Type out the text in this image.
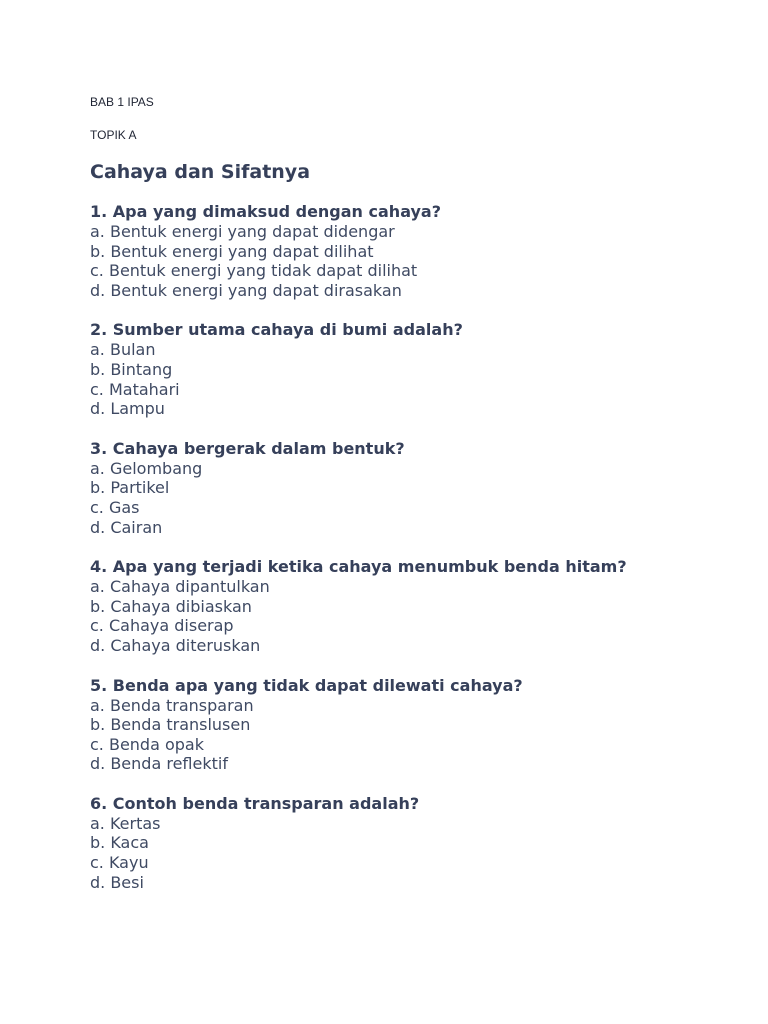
BAB 1 IPAS

TOPIK A

Cahaya dan Sifatnya

1. Apa yang dimaksud dengan cahaya?

a. Bentuk energi yang dapat didengar
b. Bentuk energi yang dapat dilihat
c. Bentuk energi yang tidak dapat dilihat
d. Bentuk energi yang dapat dirasakan

2. Sumber utama cahaya di bumi adalah?

a. Bulan
b. Bintang
c. Matahari
d. Lampu

3. Cahaya bergerak dalam bentuk?

a. Gelombang
b. Partikel
c. Gas
d. Cairan

4. Apa yang terjadi ketika cahaya menumbuk benda hitam?

a. Cahaya dipantulkan
b. Cahaya dibiaskan
c. Cahaya diserap
d. Cahaya diteruskan

5. Benda apa yang tidak dapat dilewati cahaya?

a. Benda transparan
b. Benda translusen
c. Benda opak
d. Benda reflektif

6. Contoh benda transparan adalah?

a. Kertas
b. Kaca
c. Kayu
d. Besi
